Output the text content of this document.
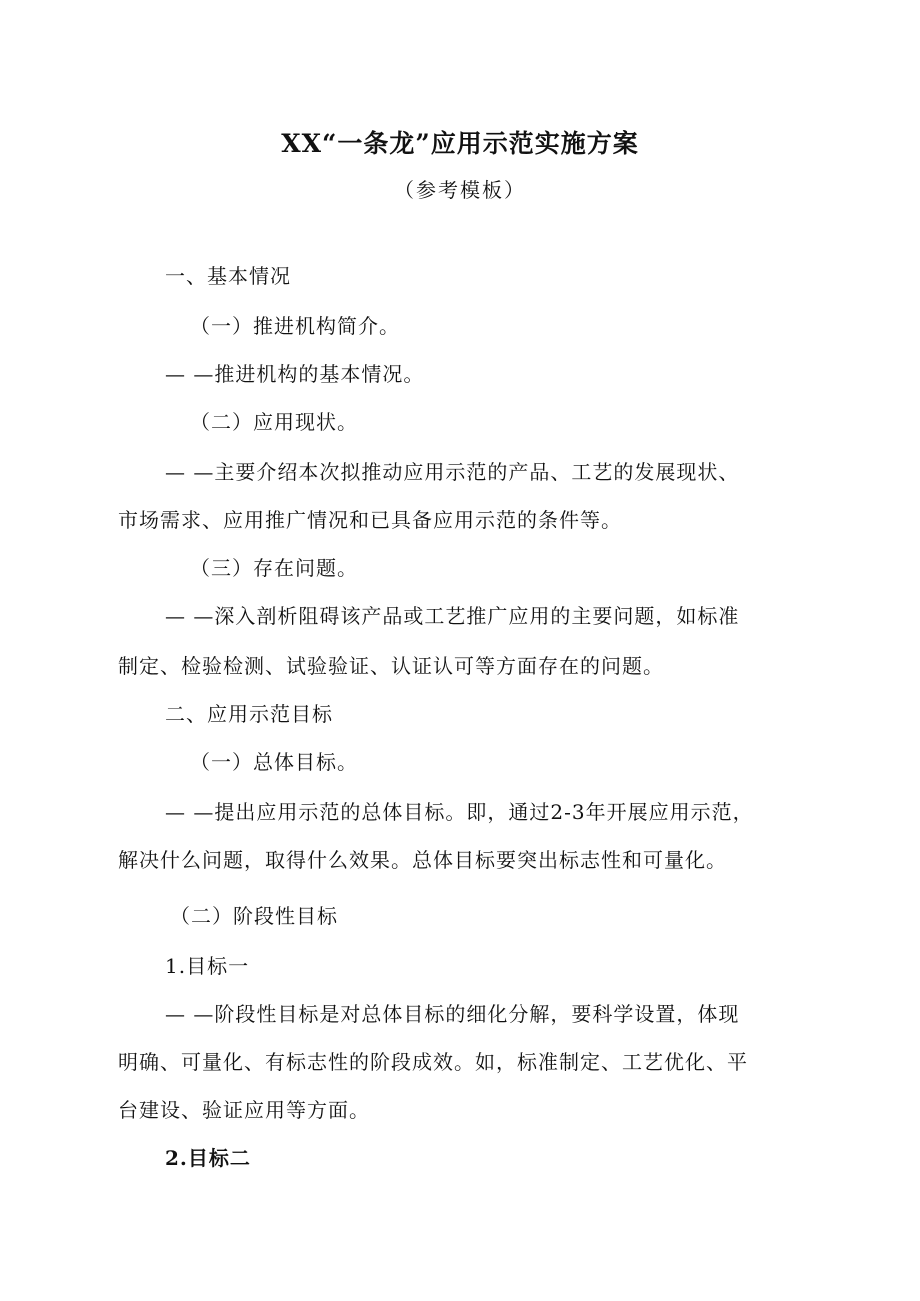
XX“一条龙”应用示范实施方案
（参考模板）
一、基本情况
（一）推进机构简介。
— —推进机构的基本情况。
（二）应用现状。
— —主要介绍本次拟推动应用示范的产品、工艺的发展现状、
市场需求、应用推广情况和已具备应用示范的条件等。
（三）存在问题。
— —深入剖析阻碍该产品或工艺推广应用的主要问题，如标准
制定、检验检测、试验验证、认证认可等方面存在的问题。
二、应用示范目标
（一）总体目标。
— —提出应用示范的总体目标。即，通过2-3年开展应用示范，
解决什么问题，取得什么效果。总体目标要突出标志性和可量化。
（二）阶段性目标
1.目标一
— —阶段性目标是对总体目标的细化分解，要科学设置，体现
明确、可量化、有标志性的阶段成效。如，标准制定、工艺优化、平
台建设、验证应用等方面。
2.目标二
